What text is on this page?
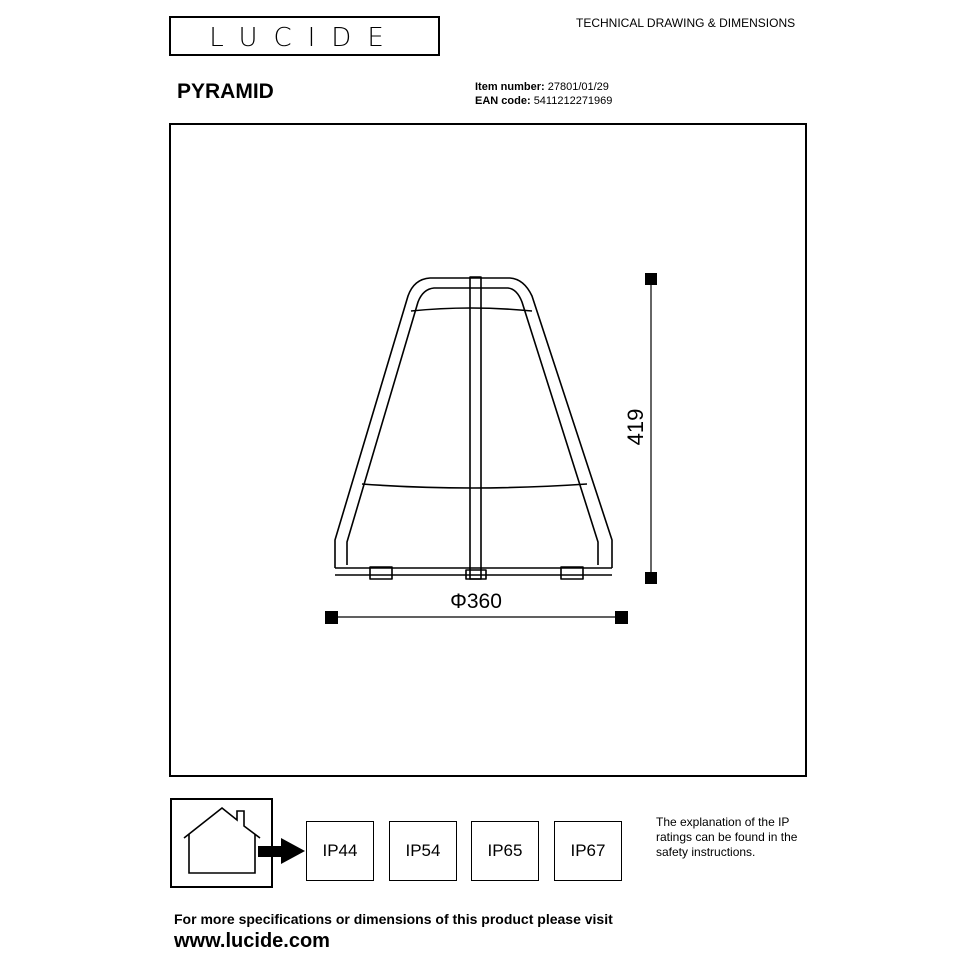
LUCIDE	TECHNICAL DRAWING & DIMENSIONS
PYRAMID	Item number: 27801/01/29
EAN code: 5411212271969
419
Φ360
IP44	IP54	IP65	IP67
The explanation of the IP ratings can be found in the safety instructions.
For more specifications or dimensions of this product please visit
www.lucide.com
